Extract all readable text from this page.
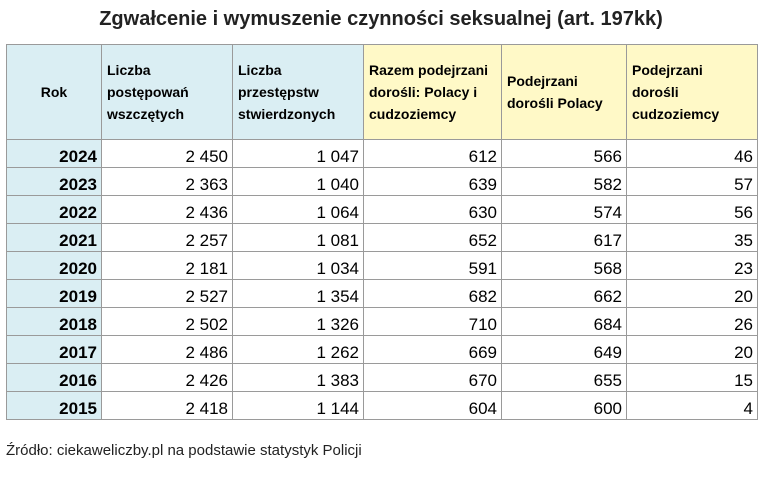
Zgwałcenie i wymuszenie czynności seksualnej (art. 197kk)
Rok	Liczba postępowań wszczętych	Liczba przestępstw stwierdzonych	Razem podejrzani dorośli: Polacy i cudzoziemcy	Podejrzani dorośli Polacy	Podejrzani dorośli cudzoziemcy
2024	2 450	1 047	612	566	46
2023	2 363	1 040	639	582	57
2022	2 436	1 064	630	574	56
2021	2 257	1 081	652	617	35
2020	2 181	1 034	591	568	23
2019	2 527	1 354	682	662	20
2018	2 502	1 326	710	684	26
2017	2 486	1 262	669	649	20
2016	2 426	1 383	670	655	15
2015	2 418	1 144	604	600	4
Źródło: ciekaweliczby.pl na podstawie statystyk Policji
